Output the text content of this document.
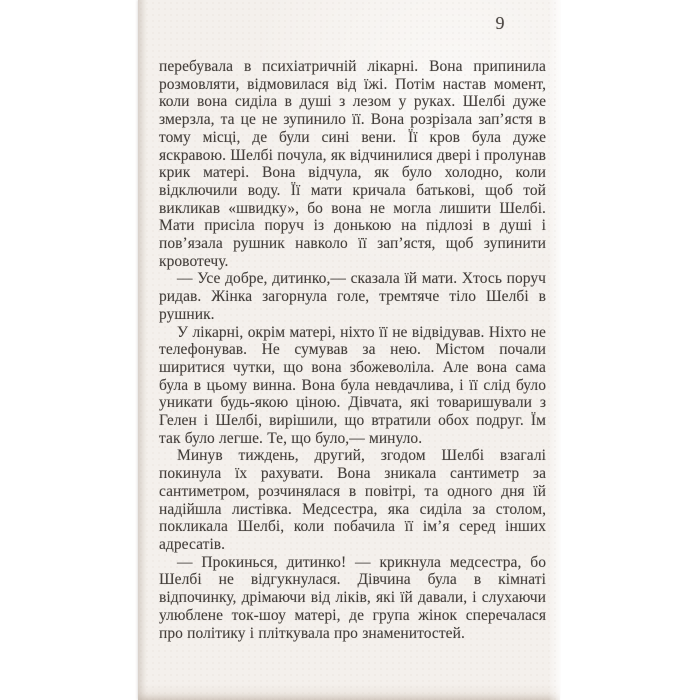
9

перебувала в психіатричній лікарні. Вона припинила розмовляти, відмовилася від їжі. Потім настав момент, коли вона сиділа в душі з лезом у руках. Шелбі дуже змерзла, та це не зупинило її. Вона розрізала зап’ястя в тому місці, де були сині вени. Її кров була дуже яскравою. Шелбі почула, як відчинилися двері і пролунав крик матері. Вона відчула, як було холодно, коли відключили воду. Її мати кричала батькові, щоб той викликав «швидку», бо вона не могла лишити Шелбі. Мати присіла поруч із донькою на підлозі в душі і пов’язала рушник навколо її зап’ястя, щоб зупинити кровотечу.

— Усе добре, дитинко,— сказала їй мати. Хтось поруч ридав. Жінка загорнула голе, тремтяче тіло Шелбі в рушник.

У лікарні, окрім матері, ніхто її не відвідував. Ніхто не телефонував. Не сумував за нею. Містом почали ширитися чутки, що вона збожеволіла. Але вона сама була в цьому винна. Вона була невдачлива, і її слід було уникати будь-якою ціною. Дівчата, які товаришували з Гелен і Шелбі, вирішили, що втратили обох подруг. Їм так було легше. Те, що було,— минуло.

Минув тиждень, другий, згодом Шелбі взагалі покинула їх рахувати. Вона зникала сантиметр за сантиметром, розчинялася в повітрі, та одного дня їй надійшла листівка. Медсестра, яка сиділа за столом, покликала Шелбі, коли побачила її ім’я серед інших адресатів.

— Прокинься, дитинко! — крикнула медсестра, бо Шелбі не відгукнулася. Дівчина була в кімнаті відпочинку, дрімаючи від ліків, які їй давали, і слухаючи улюблене ток-шоу матері, де група жінок сперечалася про політику і пліткувала про знаменитостей.
